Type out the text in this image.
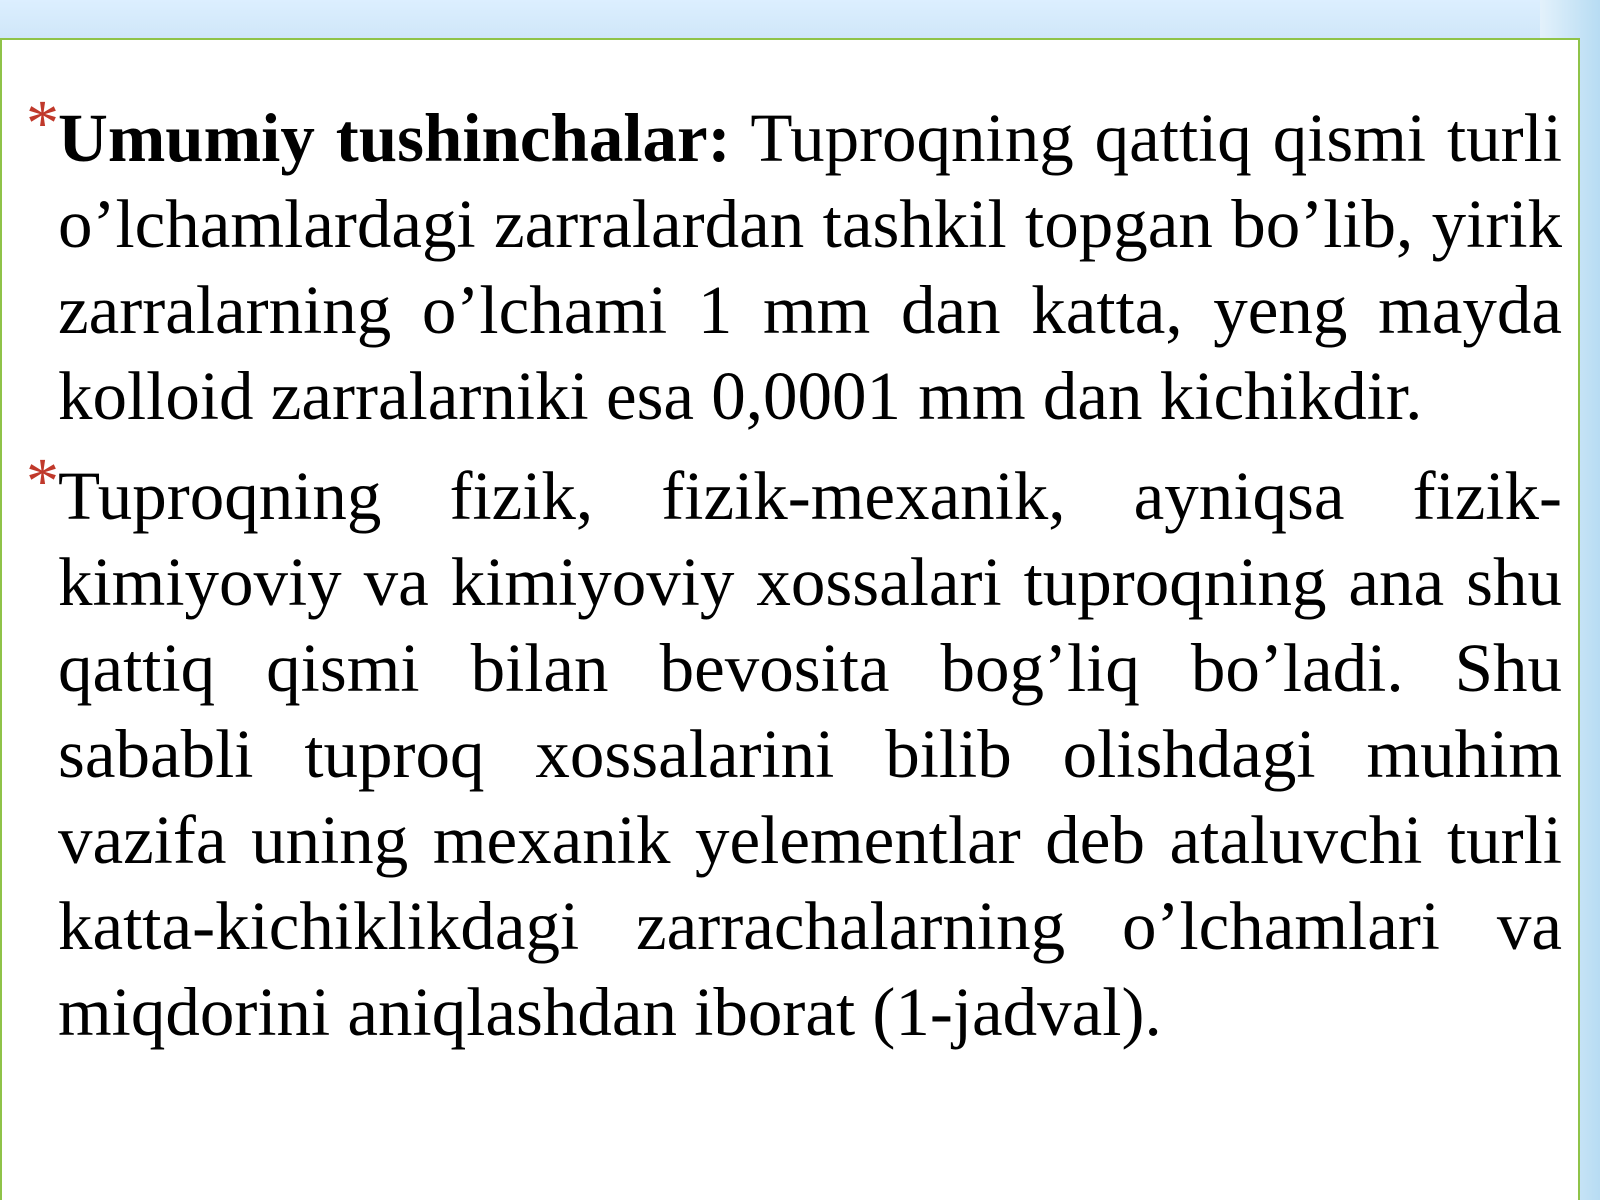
* Umumiy tushinchalar: Tuproqning qattiq qismi turli o’lchamlardagi zarralardan tashkil topgan bo’lib, yirik zarralarning o’lchami 1 mm dan katta, yeng mayda kolloid zarralarniki esa 0,0001 mm dan kichikdir.

* Tuproqning fizik, fizik-mexanik, ayniqsa fizik-kimiyoviy va kimiyoviy xossalari tuproqning ana shu qattiq qismi bilan bevosita bog’liq bo’ladi. Shu sababli tuproq xossalarini bilib olishdagi muhim vazifa uning mexanik yelementlar deb ataluvchi turli katta-kichiklikdagi zarrachalarning o’lchamlari va miqdorini aniqlashdan iborat (1-jadval).
